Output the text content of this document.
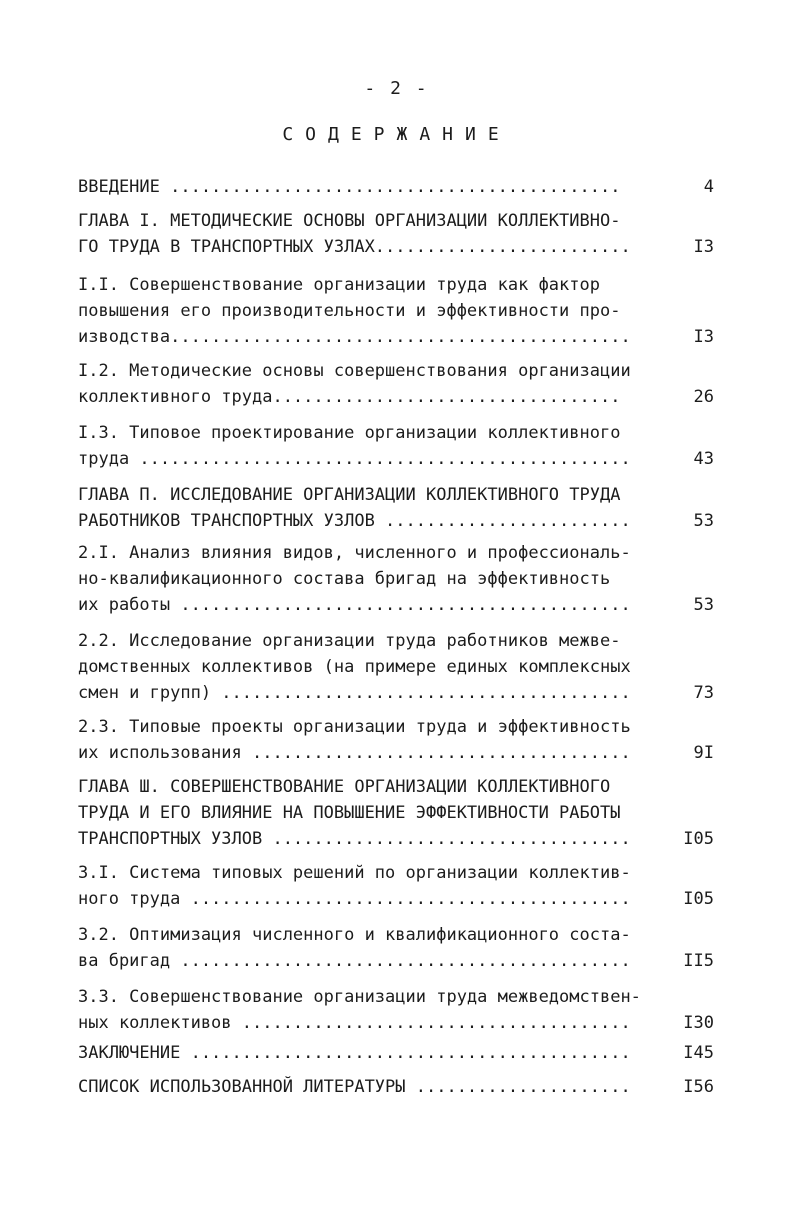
- 2 -
СОДЕРЖАНИЕ
ВВЕДЕНИЕ ............................................	4
ГЛАВА I. МЕТОДИЧЕСКИЕ ОСНОВЫ ОРГАНИЗАЦИИ КОЛЛЕКТИВНО-
ГО ТРУДА В ТРАНСПОРТНЫХ УЗЛАХ.........................	I3
I.I. Совершенствование организации труда как фактор
повышения его производительности и эффективности про-
изводства.............................................	I3
I.2. Методические основы совершенствования организации
коллективного труда..................................	26
I.3. Типовое проектирование организации коллективного
труда ................................................	43
ГЛАВА П. ИССЛЕДОВАНИЕ ОРГАНИЗАЦИИ КОЛЛЕКТИВНОГО ТРУДА
РАБОТНИКОВ ТРАНСПОРТНЫХ УЗЛОВ ........................	53
2.I. Анализ влияния видов, численного и профессиональ-
но-квалификационного состава бригад на эффективность
их работы ............................................	53
2.2. Исследование организации труда работников межве-
домственных коллективов (на примере единых комплексных
смен и групп) ........................................	73
2.3. Типовые проекты организации труда и эффективность
их использования .....................................	9I
ГЛАВА Ш. СОВЕРШЕНСТВОВАНИЕ ОРГАНИЗАЦИИ КОЛЛЕКТИВНОГО
ТРУДА И ЕГО ВЛИЯНИЕ НА ПОВЫШЕНИЕ ЭФФЕКТИВНОСТИ РАБОТЫ
ТРАНСПОРТНЫХ УЗЛОВ ...................................	I05
3.I. Система типовых решений по организации коллектив-
ного труда ...........................................	I05
3.2. Оптимизация численного и квалификационного соста-
ва бригад ............................................	II5
3.3. Совершенствование организации труда межведомствен-
ных коллективов ......................................	I30
ЗАКЛЮЧЕНИЕ ...........................................	I45
СПИСОК ИСПОЛЬЗОВАННОЙ ЛИТЕРАТУРЫ .....................	I56
